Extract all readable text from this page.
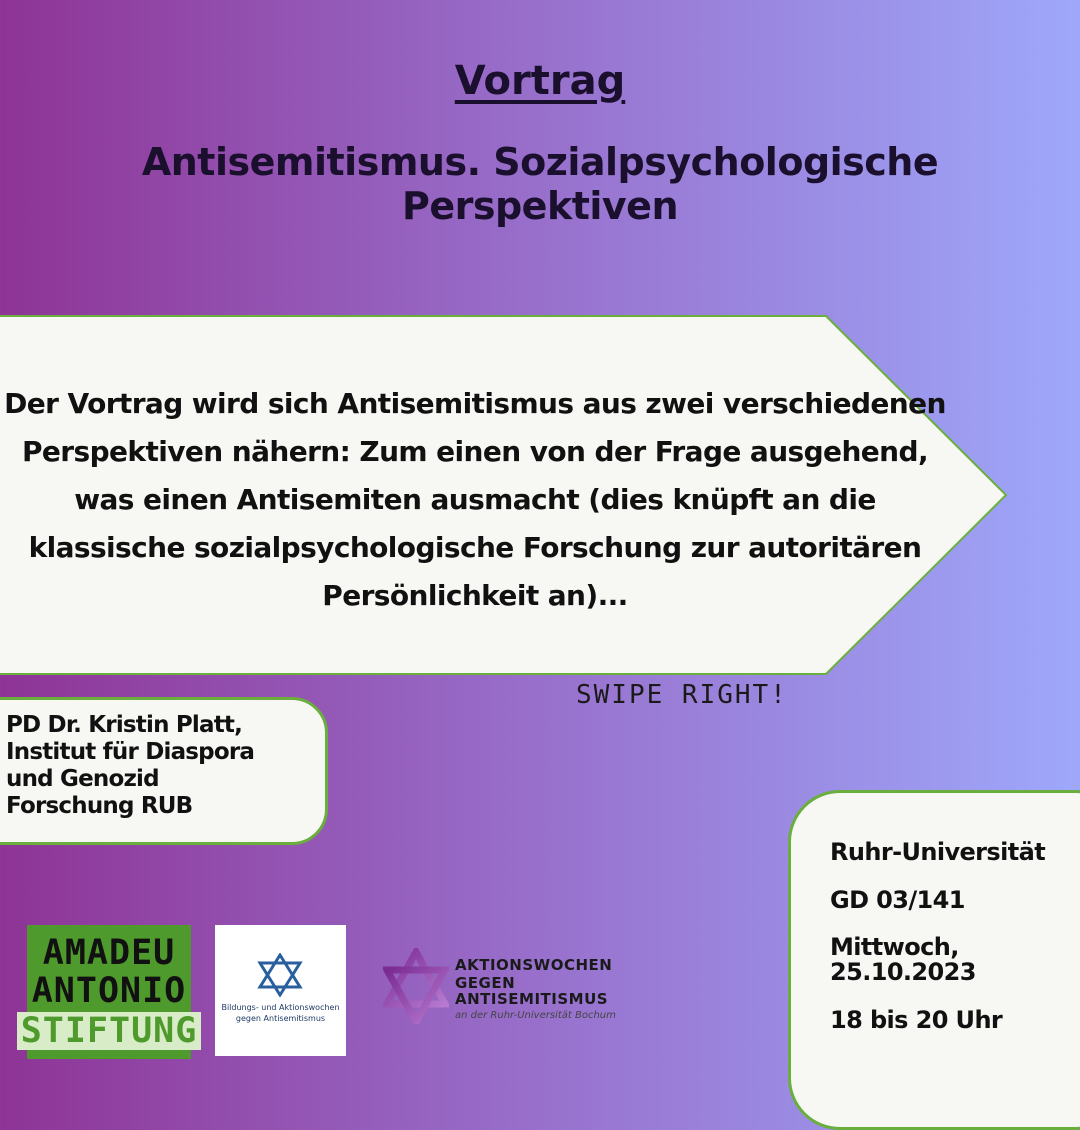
Vortrag
Antisemitismus. Sozialpsychologische Perspektiven
Der Vortrag wird sich Antisemitismus aus zwei verschiedenen Perspektiven nähern: Zum einen von der Frage ausgehend, was einen Antisemiten ausmacht (dies knüpft an die klassische sozialpsychologische Forschung zur autoritären Persönlichkeit an)...
SWIPE RIGHT!
PD Dr. Kristin Platt,
Institut für Diaspora
und Genozid
Forschung RUB
Ruhr-Universität
GD 03/141
Mittwoch,
25.10.2023
18 bis 20 Uhr
AMADEU
ANTONIO
STIFTUNG
Bildungs- und Aktionswochen
gegen Antisemitismus
AKTIONSWOCHEN
GEGEN
ANTISEMITISMUS
an der Ruhr-Universität Bochum
